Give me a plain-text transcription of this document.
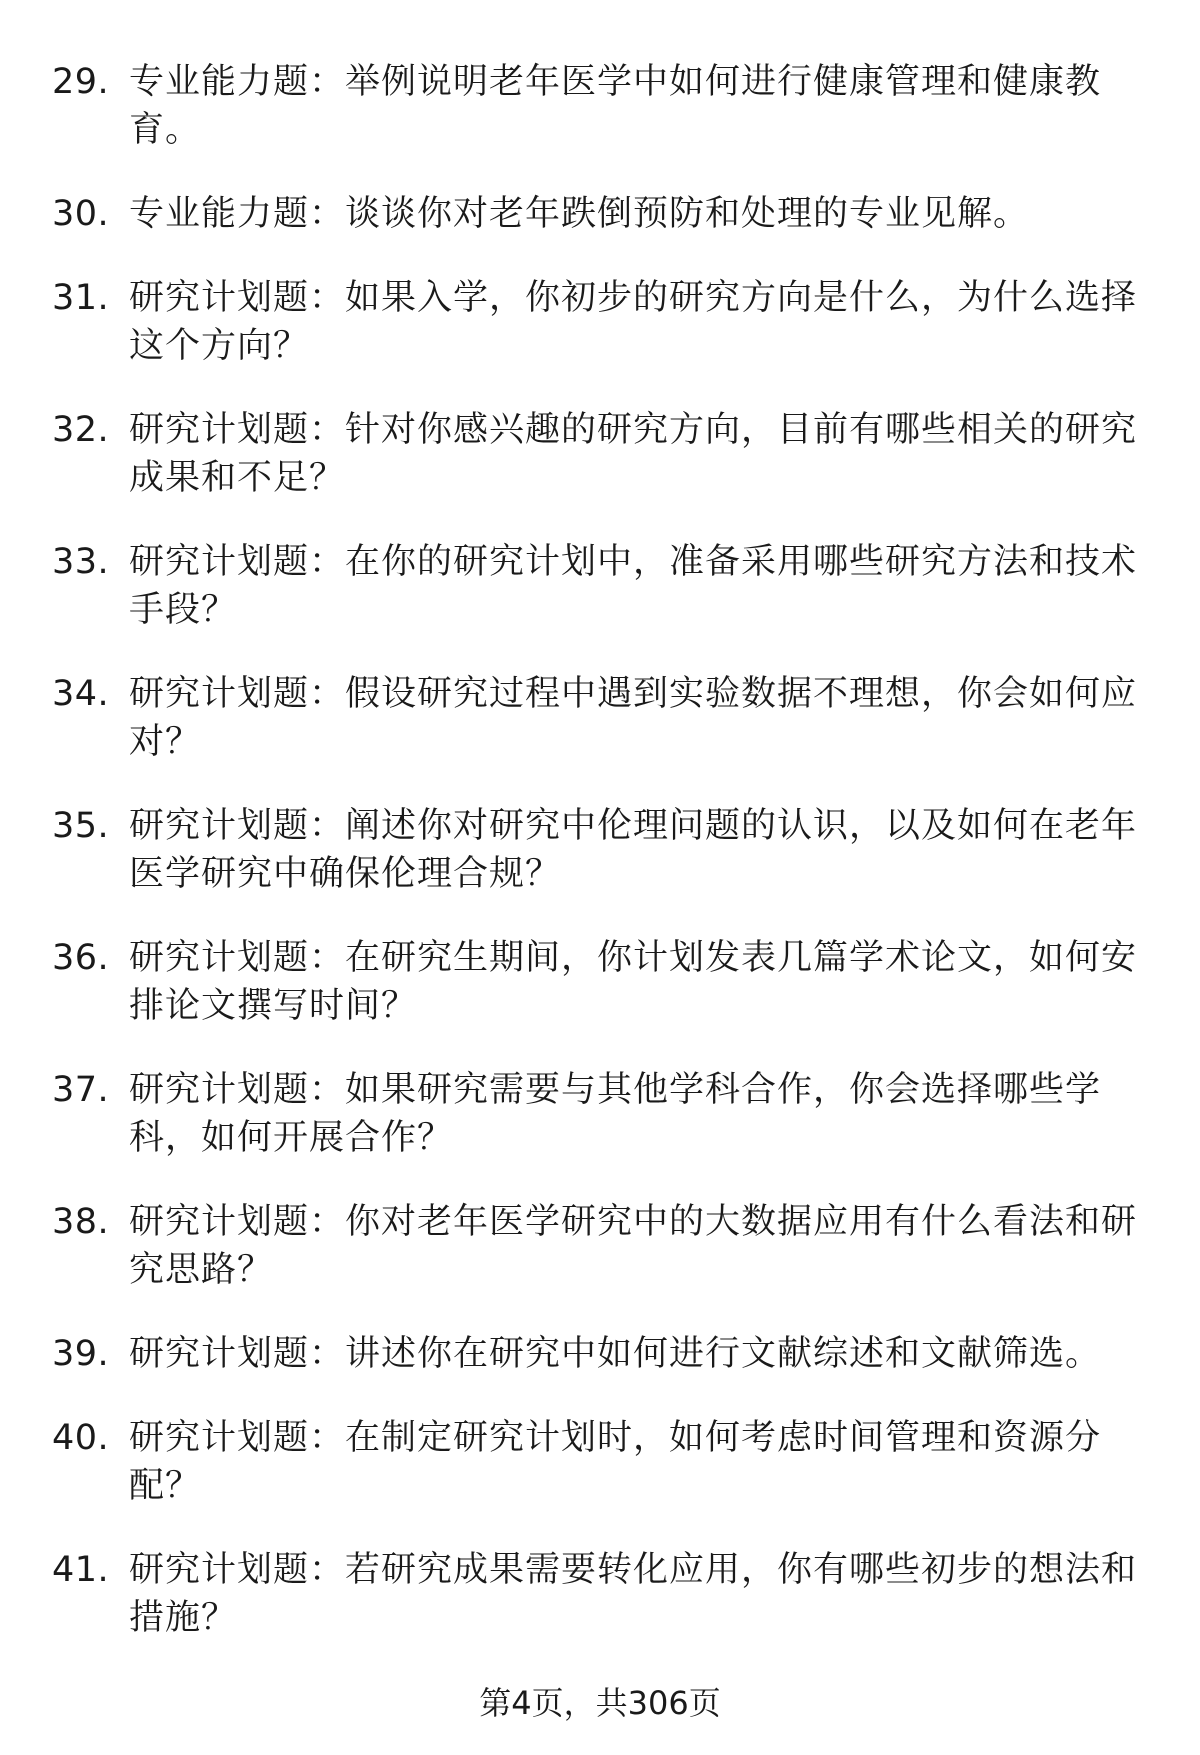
29. 专业能力题：举例说明老年医学中如何进行健康管理和健康教育。
30. 专业能力题：谈谈你对老年跌倒预防和处理的专业见解。
31. 研究计划题：如果入学，你初步的研究方向是什么，为什么选择这个方向？
32. 研究计划题：针对你感兴趣的研究方向，目前有哪些相关的研究成果和不足？
33. 研究计划题：在你的研究计划中，准备采用哪些研究方法和技术手段？
34. 研究计划题：假设研究过程中遇到实验数据不理想，你会如何应对？
35. 研究计划题：阐述你对研究中伦理问题的认识，以及如何在老年医学研究中确保伦理合规？
36. 研究计划题：在研究生期间，你计划发表几篇学术论文，如何安排论文撰写时间？
37. 研究计划题：如果研究需要与其他学科合作，你会选择哪些学科，如何开展合作？
38. 研究计划题：你对老年医学研究中的大数据应用有什么看法和研究思路？
39. 研究计划题：讲述你在研究中如何进行文献综述和文献筛选。
40. 研究计划题：在制定研究计划时，如何考虑时间管理和资源分配？
41. 研究计划题：若研究成果需要转化应用，你有哪些初步的想法和措施？
第4页，共306页
